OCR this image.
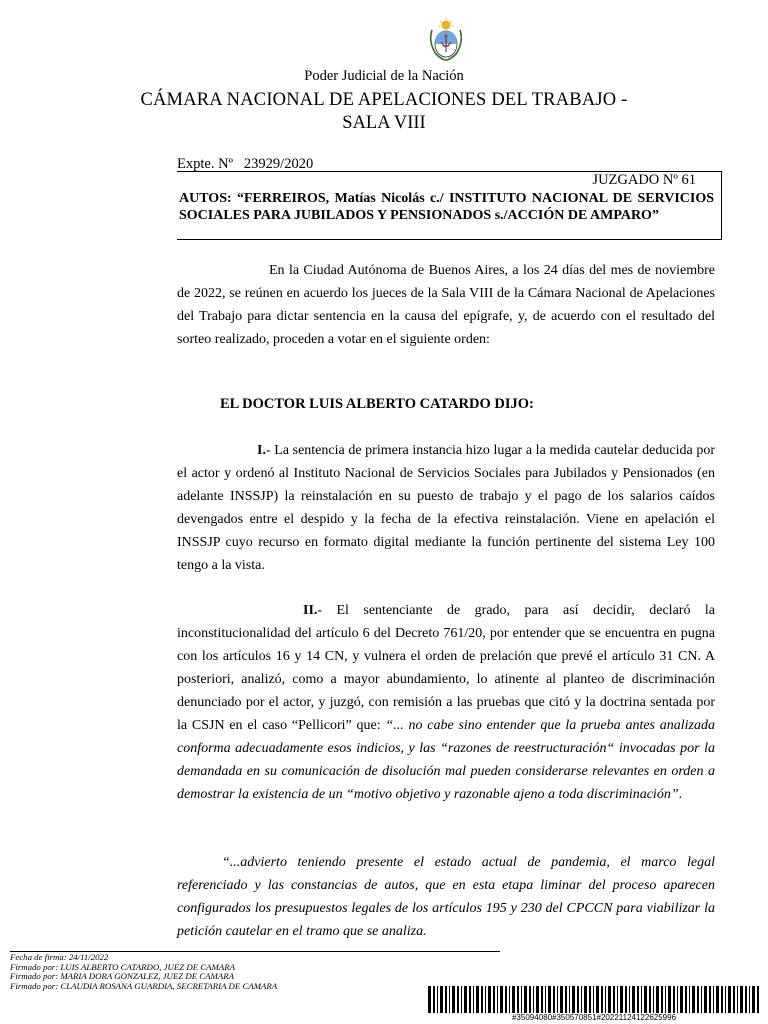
Poder Judicial de la Nación
CÁMARA NACIONAL DE APELACIONES DEL TRABAJO -
SALA VIII
Expte. Nº   23929/2020
JUZGADO Nº 61
AUTOS: “FERREIROS, Matías Nicolás c./ INSTITUTO NACIONAL DE SERVICIOS SOCIALES PARA JUBILADOS Y PENSIONADOS s./ACCIÓN DE AMPARO”

En la Ciudad Autónoma de Buenos Aires, a los 24 días del mes de noviembre de 2022, se reúnen en acuerdo los jueces de la Sala VIII de la Cámara Nacional de Apelaciones del Trabajo para dictar sentencia en la causa del epígrafe, y, de acuerdo con el resultado del sorteo realizado, proceden a votar en el siguiente orden:

EL DOCTOR LUIS ALBERTO CATARDO DIJO:

I.- La sentencia de primera instancia hizo lugar a la medida cautelar deducida por el actor y ordenó al Instituto Nacional de Servicios Sociales para Jubilados y Pensionados (en adelante INSSJP) la reinstalación en su puesto de trabajo y el pago de los salarios caídos devengados entre el despido y la fecha de la efectiva reinstalación. Viene en apelación el INSSJP cuyo recurso en formato digital mediante la función pertinente del sistema Ley 100 tengo a la vista.

II.- El sentenciante de grado, para así decidir, declaró la inconstitucionalidad del artículo 6 del Decreto 761/20, por entender que se encuentra en pugna con los artículos 16 y 14 CN, y vulnera el orden de prelación que prevé el artículo 31 CN. A posteriori, analizó, como a mayor abundamiento, lo atinente al planteo de discriminación denunciado por el actor, y juzgó, con remisión a las pruebas que citó y la doctrina sentada por la CSJN en el caso “Pellicori” que: “... no cabe sino entender que la prueba antes analizada conforma adecuadamente esos indicios, y las “razones de reestructuración“ invocadas por la demandada en su comunicación de disolución mal pueden considerarse relevantes en orden a demostrar la existencia de un “motivo objetivo y razonable ajeno a toda discriminación”.

“...advierto teniendo presente el estado actual de pandemia, el marco legal referenciado y las constancias de autos, que en esta etapa liminar del proceso aparecen configurados los presupuestos legales de los artículos 195 y 230 del CPCCN para viabilizar la petición cautelar en el tramo que se analiza.

Fecha de firma: 24/11/2022
Firmado por: LUIS ALBERTO CATARDO, JUEZ DE CAMARA
Firmado por: MARIA DORA GONZALEZ, JUEZ DE CAMARA
Firmado por: CLAUDIA ROSANA GUARDIA, SECRETARIA DE CAMARA
#35094080#350570851#20221124122625996
